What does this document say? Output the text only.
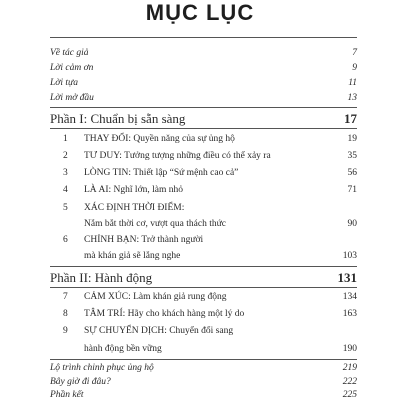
MỤC LỤC
Về tác giả	7
Lời cảm ơn	9
Lời tựa	11
Lời mở đầu	13
Phần I: Chuẩn bị sẵn sàng	17
1	THAY ĐỔI: Quyền năng của sự ủng hộ	19
2	TƯ DUY: Tưởng tượng những điều có thể xảy ra	35
3	LÒNG TIN: Thiết lập “Sứ mệnh cao cả”	56
4	LÀ AI: Nghĩ lớn, làm nhỏ	71
5	XÁC ĐỊNH THỜI ĐIỂM:
Nắm bắt thời cơ, vượt qua thách thức	90
6	CHỈNH BẠN: Trở thành người
mà khán giả sẽ lắng nghe	103
Phần II: Hành động	131
7	CẢM XÚC: Làm khán giả rung động	134
8	TÂM TRÍ: Hãy cho khách hàng một lý do	163
9	SỰ CHUYỂN DỊCH: Chuyển đổi sang
hành động bền vững	190
Lộ trình chinh phục ủng hộ	219
Bây giờ đi đâu?	222
Phần kết	225
